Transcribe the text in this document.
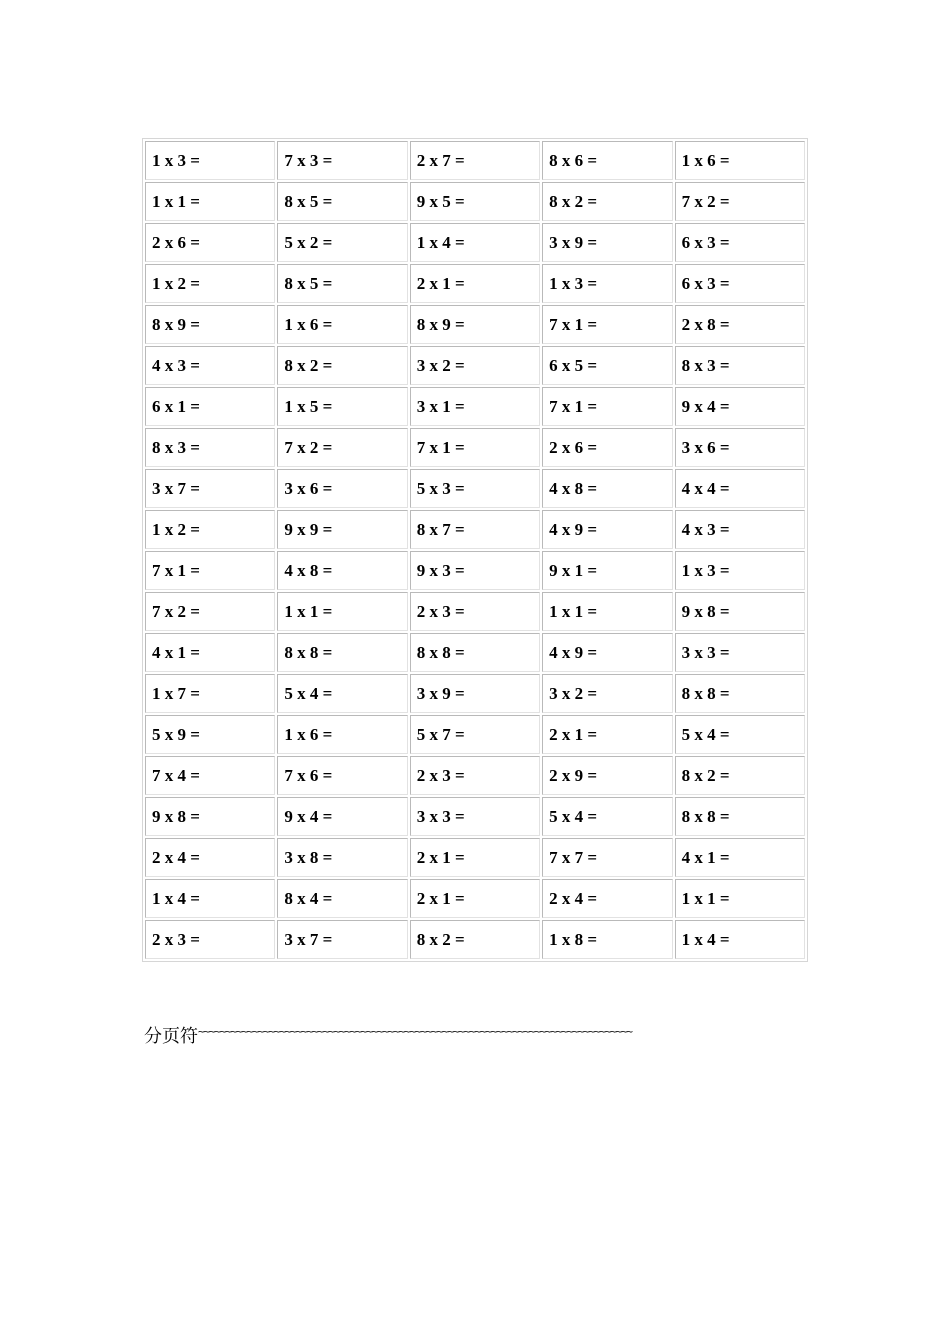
1 x 3 =	7 x 3 =	2 x 7 =	8 x 6 =	1 x 6 =
1 x 1 =	8 x 5 =	9 x 5 =	8 x 2 =	7 x 2 =
2 x 6 =	5 x 2 =	1 x 4 =	3 x 9 =	6 x 3 =
1 x 2 =	8 x 5 =	2 x 1 =	1 x 3 =	6 x 3 =
8 x 9 =	1 x 6 =	8 x 9 =	7 x 1 =	2 x 8 =
4 x 3 =	8 x 2 =	3 x 2 =	6 x 5 =	8 x 3 =
6 x 1 =	1 x 5 =	3 x 1 =	7 x 1 =	9 x 4 =
8 x 3 =	7 x 2 =	7 x 1 =	2 x 6 =	3 x 6 =
3 x 7 =	3 x 6 =	5 x 3 =	4 x 8 =	4 x 4 =
1 x 2 =	9 x 9 =	8 x 7 =	4 x 9 =	4 x 3 =
7 x 1 =	4 x 8 =	9 x 3 =	9 x 1 =	1 x 3 =
7 x 2 =	1 x 1 =	2 x 3 =	1 x 1 =	9 x 8 =
4 x 1 =	8 x 8 =	8 x 8 =	4 x 9 =	3 x 3 =
1 x 7 =	5 x 4 =	3 x 9 =	3 x 2 =	8 x 8 =
5 x 9 =	1 x 6 =	5 x 7 =	2 x 1 =	5 x 4 =
7 x 4 =	7 x 6 =	2 x 3 =	2 x 9 =	8 x 2 =
9 x 8 =	9 x 4 =	3 x 3 =	5 x 4 =	8 x 8 =
2 x 4 =	3 x 8 =	2 x 1 =	7 x 7 =	4 x 1 =
1 x 4 =	8 x 4 =	2 x 1 =	2 x 4 =	1 x 1 =
2 x 3 =	3 x 7 =	8 x 2 =	1 x 8 =	1 x 4 =
分页符~~~~~~~~~~~~~~~~~~~~~~~~~~~~~~~~~~~~~~~~~~~~~~~~~~~~~~~~~~~~~~~~~~~~~~~~~~~~~~~~
